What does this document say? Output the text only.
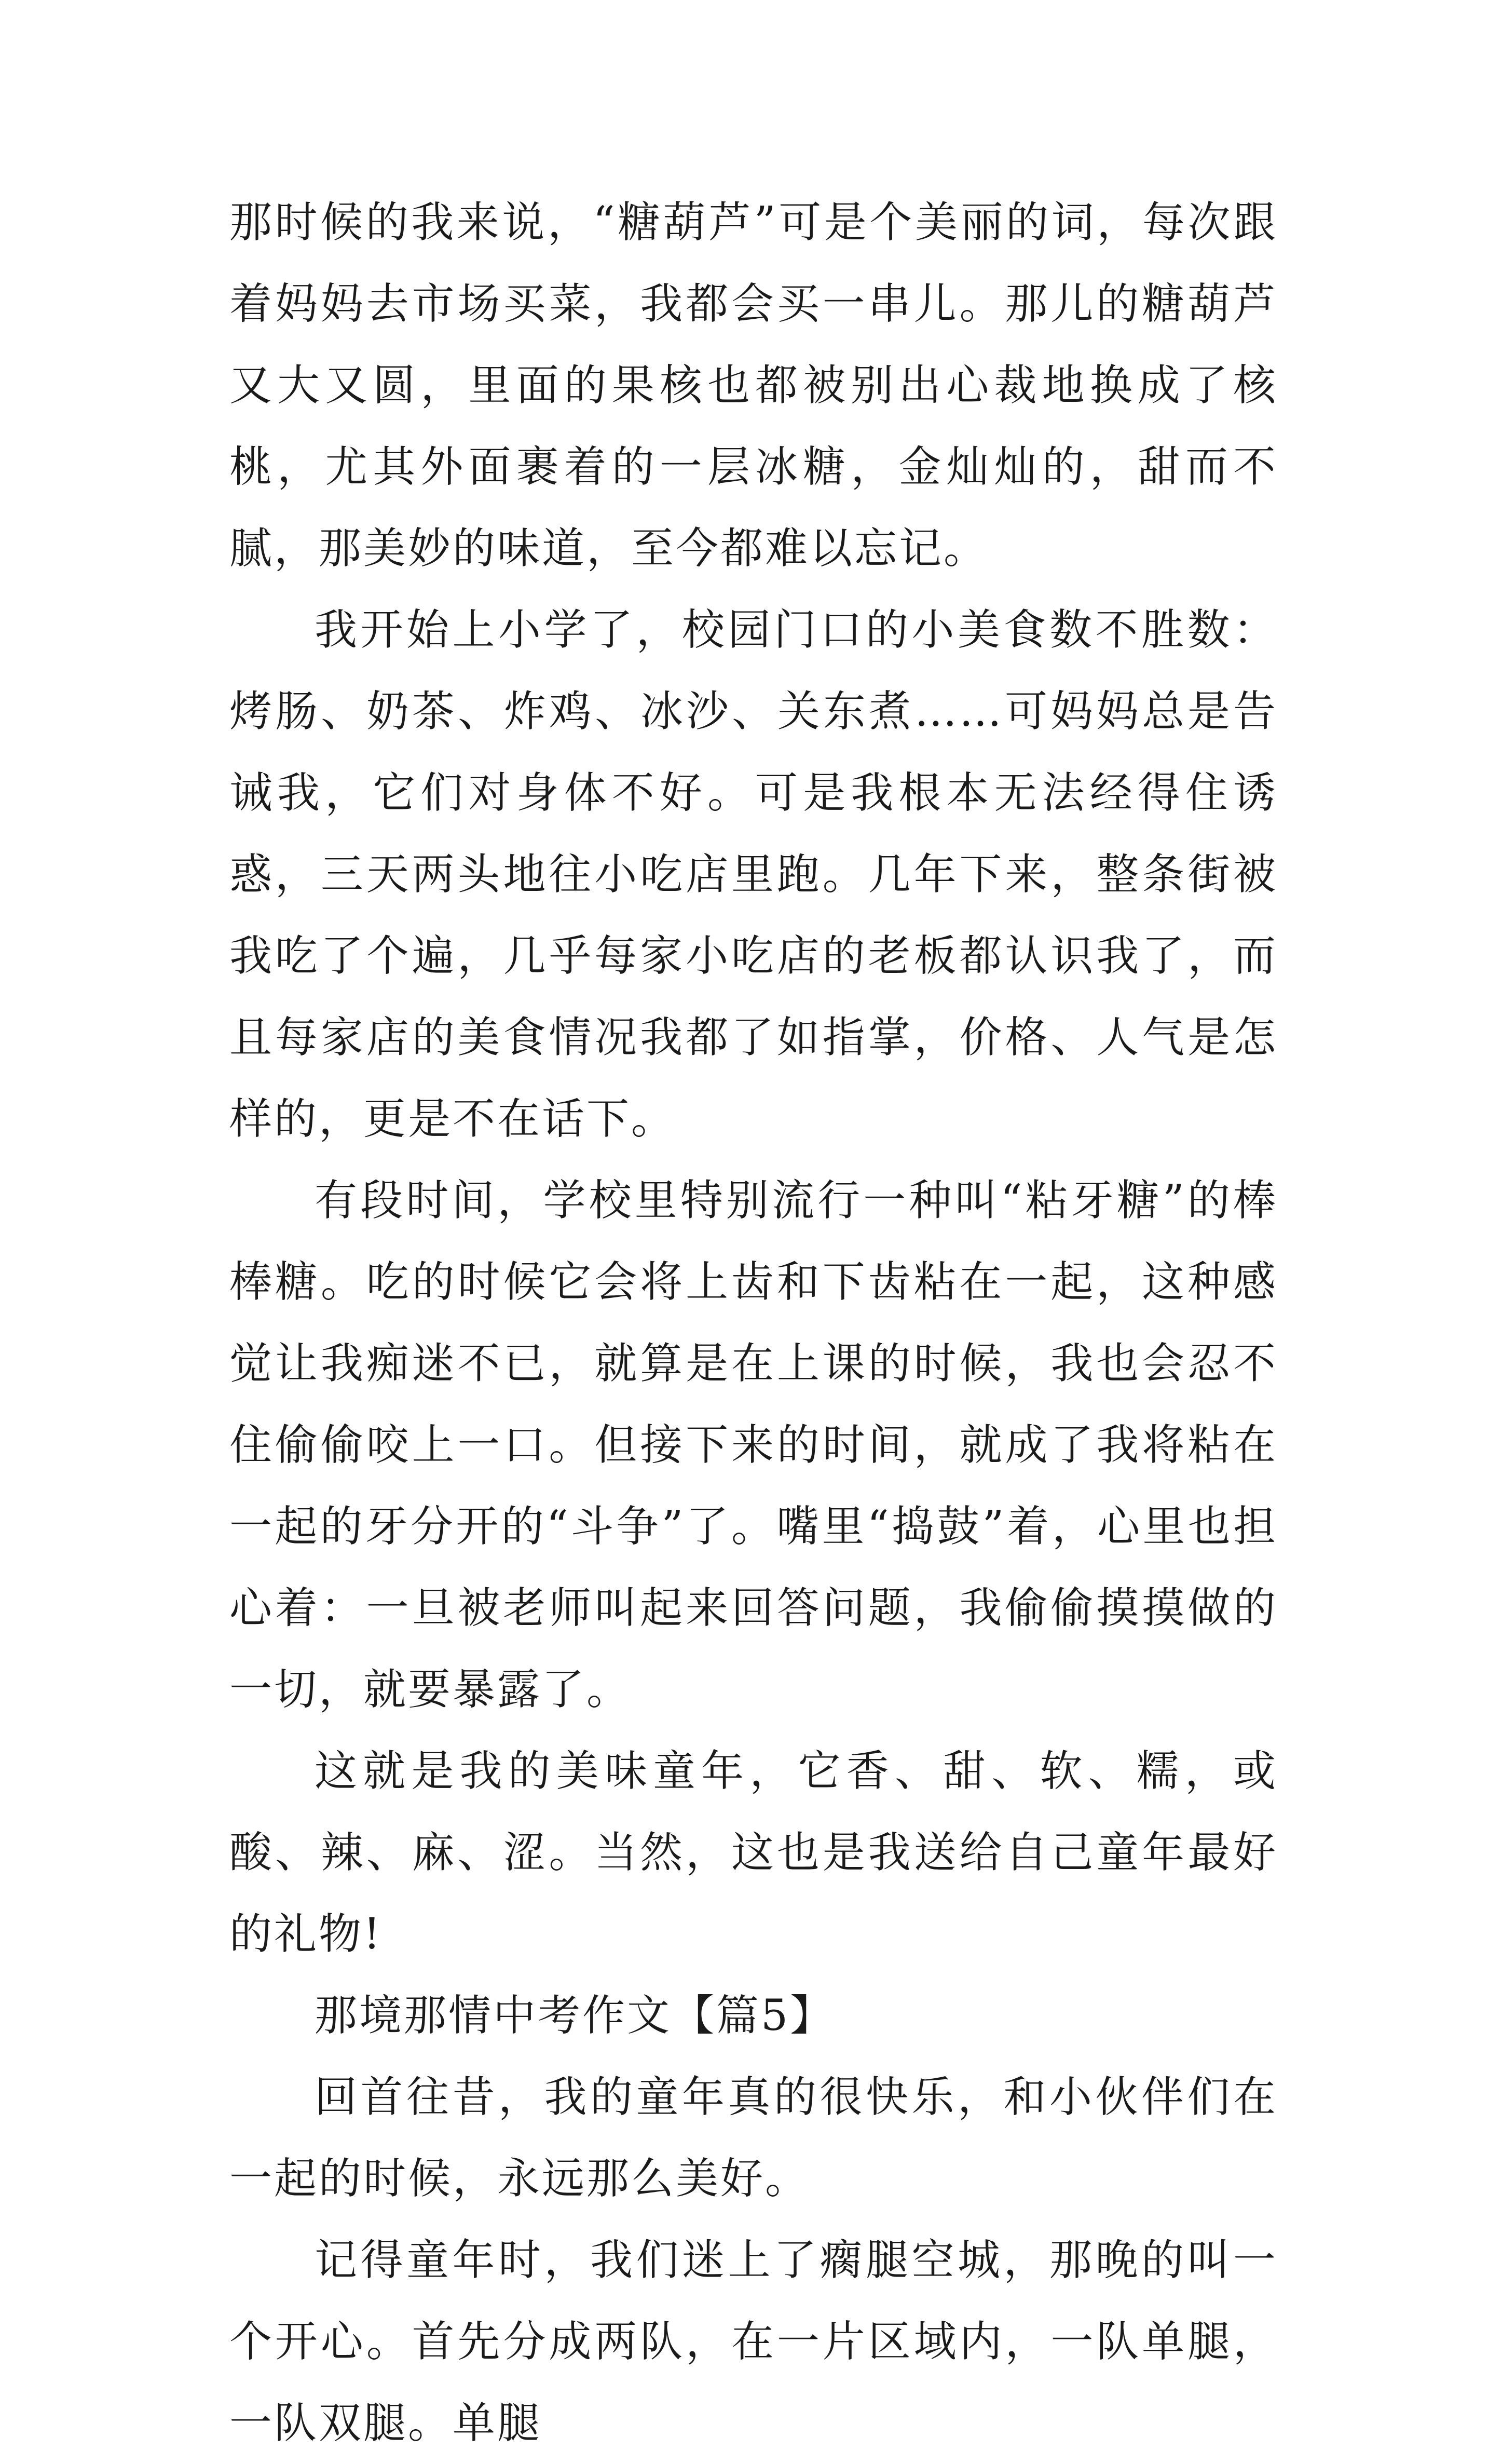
那时候的我来说，“糖葫芦”可是个美丽的词，每次跟着妈妈去市场买菜，我都会买一串儿。那儿的糖葫芦又大又圆，里面的果核也都被别出心裁地换成了核桃，尤其外面裹着的一层冰糖，金灿灿的，甜而不腻，那美妙的味道，至今都难以忘记。

我开始上小学了，校园门口的小美食数不胜数：烤肠、奶茶、炸鸡、冰沙、关东煮……可妈妈总是告诫我，它们对身体不好。可是我根本无法经得住诱惑，三天两头地往小吃店里跑。几年下来，整条街被我吃了个遍，几乎每家小吃店的老板都认识我了，而且每家店的美食情况我都了如指掌，价格、人气是怎样的，更是不在话下。

有段时间，学校里特别流行一种叫“粘牙糖”的棒棒糖。吃的时候它会将上齿和下齿粘在一起，这种感觉让我痴迷不已，就算是在上课的时候，我也会忍不住偷偷咬上一口。但接下来的时间，就成了我将粘在一起的牙分开的“斗争”了。嘴里“捣鼓”着，心里也担心着：一旦被老师叫起来回答问题，我偷偷摸摸做的一切，就要暴露了。

这就是我的美味童年，它香、甜、软、糯，或酸、辣、麻、涩。当然，这也是我送给自己童年最好的礼物!

那境那情中考作文【篇5】

回首往昔，我的童年真的很快乐，和小伙伴们在一起的时候，永远那么美好。

记得童年时，我们迷上了瘸腿空城，那晚的叫一个开心。首先分成两队，在一片区域内，一队单腿，一队双腿。单腿
